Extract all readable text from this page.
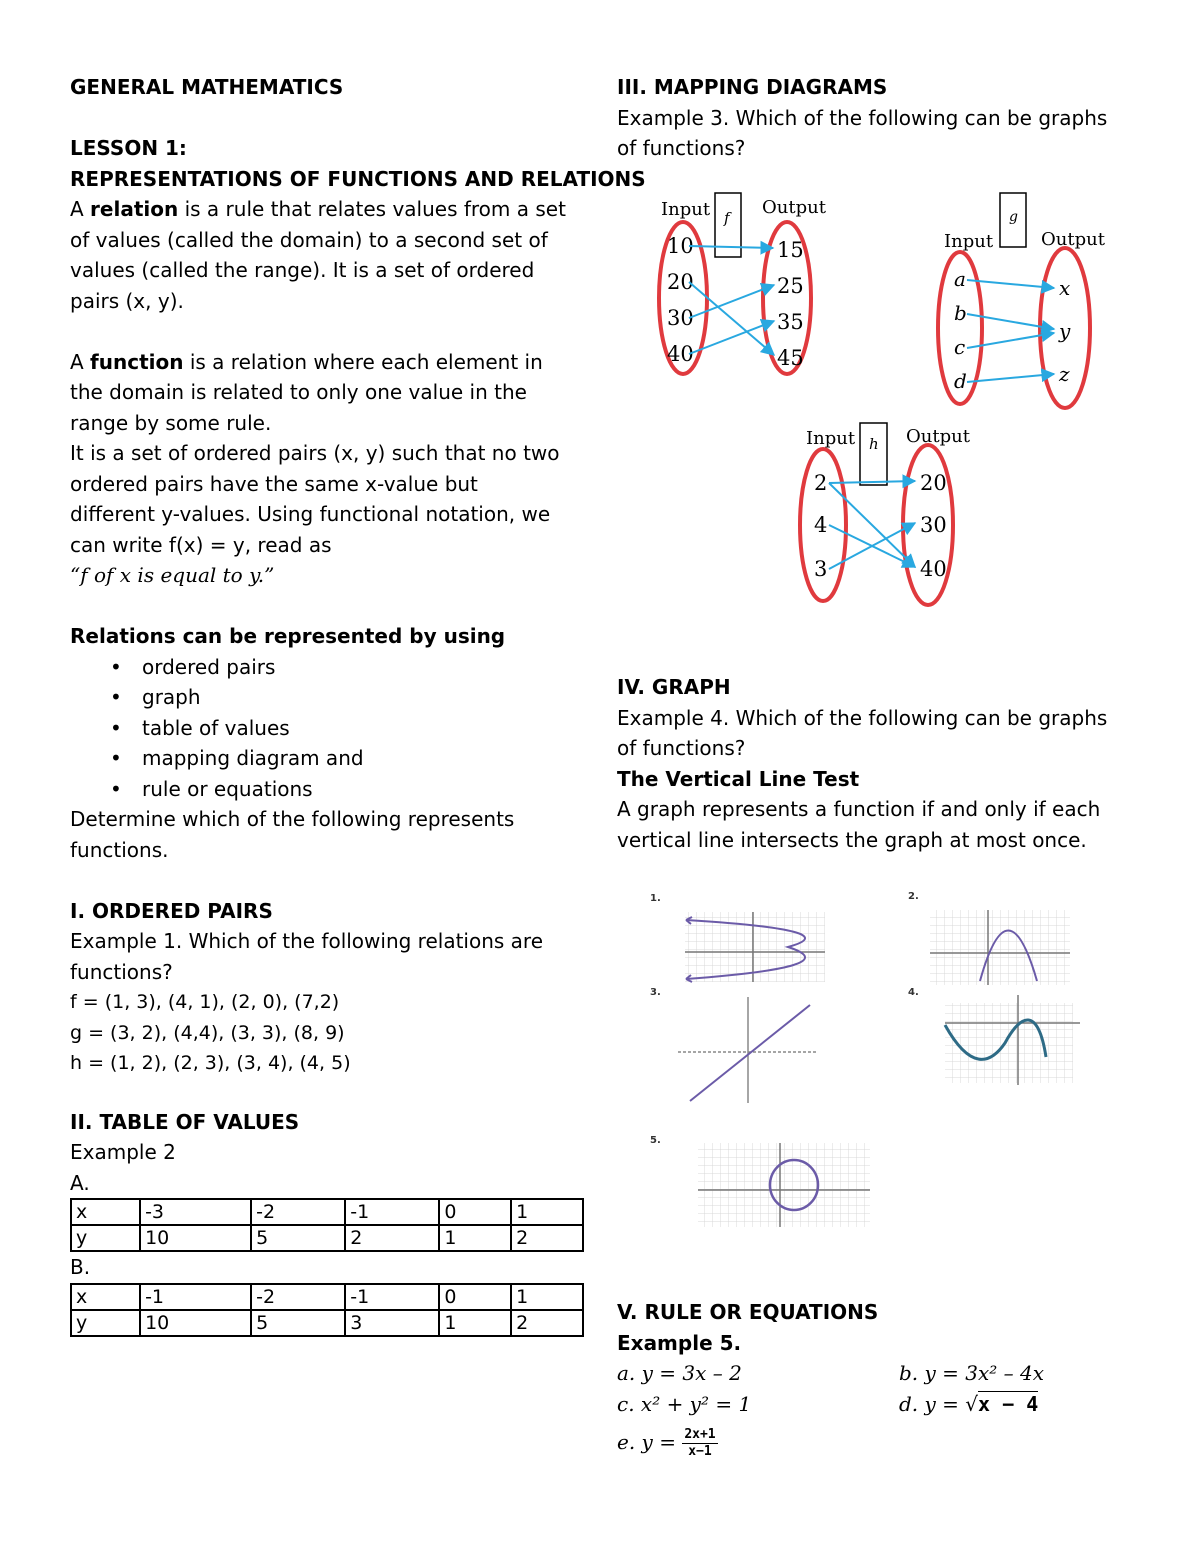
GENERAL MATHEMATICS
LESSON 1:
REPRESENTATIONS OF FUNCTIONS AND RELATIONS
A relation is a rule that relates values from a set
of values (called the domain) to a second set of
values (called the range). It is a set of ordered
pairs (x, y).
A function is a relation where each element in
the domain is related to only one value in the
range by some rule.
It is a set of ordered pairs (x, y) such that no two
ordered pairs have the same x-value but
different y-values. Using functional notation, we
can write f(x) = y, read as
“f of x is equal to y.”
Relations can be represented by using
• ordered pairs
• graph
• table of values
• mapping diagram and
• rule or equations
Determine which of the following represents
functions.
I. ORDERED PAIRS
Example 1. Which of the following relations are
functions?
f = (1, 3), (4, 1), (2, 0), (7,2)
g = (3, 2), (4,4), (3, 3), (8, 9)
h = (1, 2), (2, 3), (3, 4), (4, 5)
II. TABLE OF VALUES
Example 2
A.
x	-3	-2	-1	0	1
y	10	5	2	1	2
B.
x	-1	-2	-1	0	1
y	10	5	3	1	2
III. MAPPING DIAGRAMS
Example 3. Which of the following can be graphs
of functions?
Input	Output
f
10
20
30
40
15
25
35
45
Input	Output
g
a
b
c
d
x
y
z
Input	Output
h
2
4
3
20
30
40
IV. GRAPH
Example 4. Which of the following can be graphs
of functions?
The Vertical Line Test
A graph represents a function if and only if each
vertical line intersects the graph at most once.
1.	2.
3.	4.
5.
V. RULE OR EQUATIONS
Example 5.
a. y = 3x – 2	b. y = 3x² – 4x
c. x² + y² = 1	d. y = √x − 4
e. $y = \frac{2x+1}{x-1}$
